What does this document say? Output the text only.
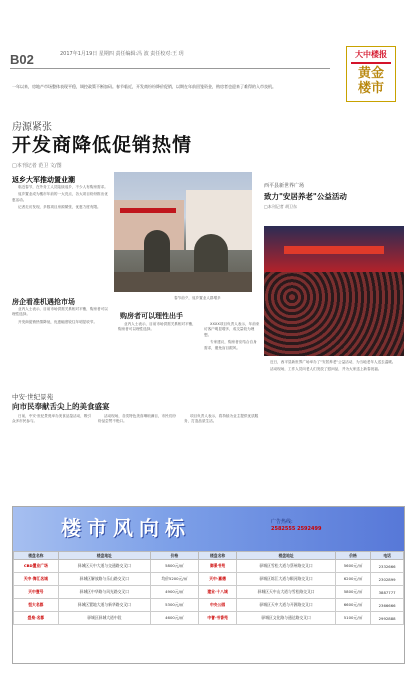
B02	2017年1月19日 星期四 责任编辑:冯 波 责任校对:王 玥	大中楼报
黄金
楼市
一年以来，房地产市场整体表现平稳，调控政策不断加码。春节临近，开发商纷纷降价促销，以期在年前回笼资金，购房者也迎来了难得的入市良机。
房源紧张
开发商降低促销热情
□本刊记者 范卫 文/图
返乡大军推动置业潮

临近春节，在外务工人员陆续返乡，不少人有购房需求。

返乡置业成为楼市年前的一大亮点，各大项目纷纷推出优惠活动。

记者走访发现，多数项目房源紧张，优惠力度有限。

春节前夕，返乡置业人群增多
房企看准机遇抢市场

业内人士表示，目前市场供需关系相对平衡，购房者可以理性选择。

开发商促销热情降低，优惠幅度较往年明显收窄。

购房者可以理性出手

业内人士表示，目前市场供需关系相对平衡，购房者可以理性选择。

XXXX项目负责人表示，年前来访客户明显增多，成交量较为理想。

专家建议，购房者应结合自身需求，避免盲目跟风。

西平县新世界广场
致力"安居养老"公益活动
□本刊记者 胡卫东

近日，西平县新世界广场举办了"安居养老"公益活动，为当地老年人送去温暖。

活动现场，工作人员向老人们发放了慰问品，并为大家送上新春祝福。

中安·世纪景苑
向市民奉献舌尖上的美食盛宴

日前，中安·世纪景苑举办美食品鉴活动，吸引众多市民参与。

活动现场，各类特色美食琳琅满目，市民们纷纷品尝赞不绝口。

项目负责人表示，将持续为业主提供优质服务，打造品质生活。

楼市风向标	广告热线:
2582555 2592499
楼盘名称	楼盘地址	价格	楼盘名称	楼盘地址	价格	电话
CBD置业广场	驿城区天中大道与交通路交叉口	5800元/㎡	御景书苑	驿城区雪松大道与蔡州路交叉口	5600元/㎡	2332666
天中·海汇名城	驿城区解放路与乐山路交叉口	均价5200元/㎡	天中·嘉德	驿城区练江大道与顺河路交叉口	6200元/㎡	2302899
天中壹号	驿城区中华路与风光路交叉口	4900元/㎡	建业·十八城	驿城区天中山大道与雪松路交叉口	5800元/㎡	3887777
恒大名都	驿城区置地大道与新华路交叉口	5300元/㎡	中央公园	驿城区天中大道与开源路交叉口	6600元/㎡	2366666
盛泉·名都	驿城区驿城大道中段	4600元/㎡	中誉·书香苑	驿城区文化路与通达路交叉口	5100元/㎡	2992888
